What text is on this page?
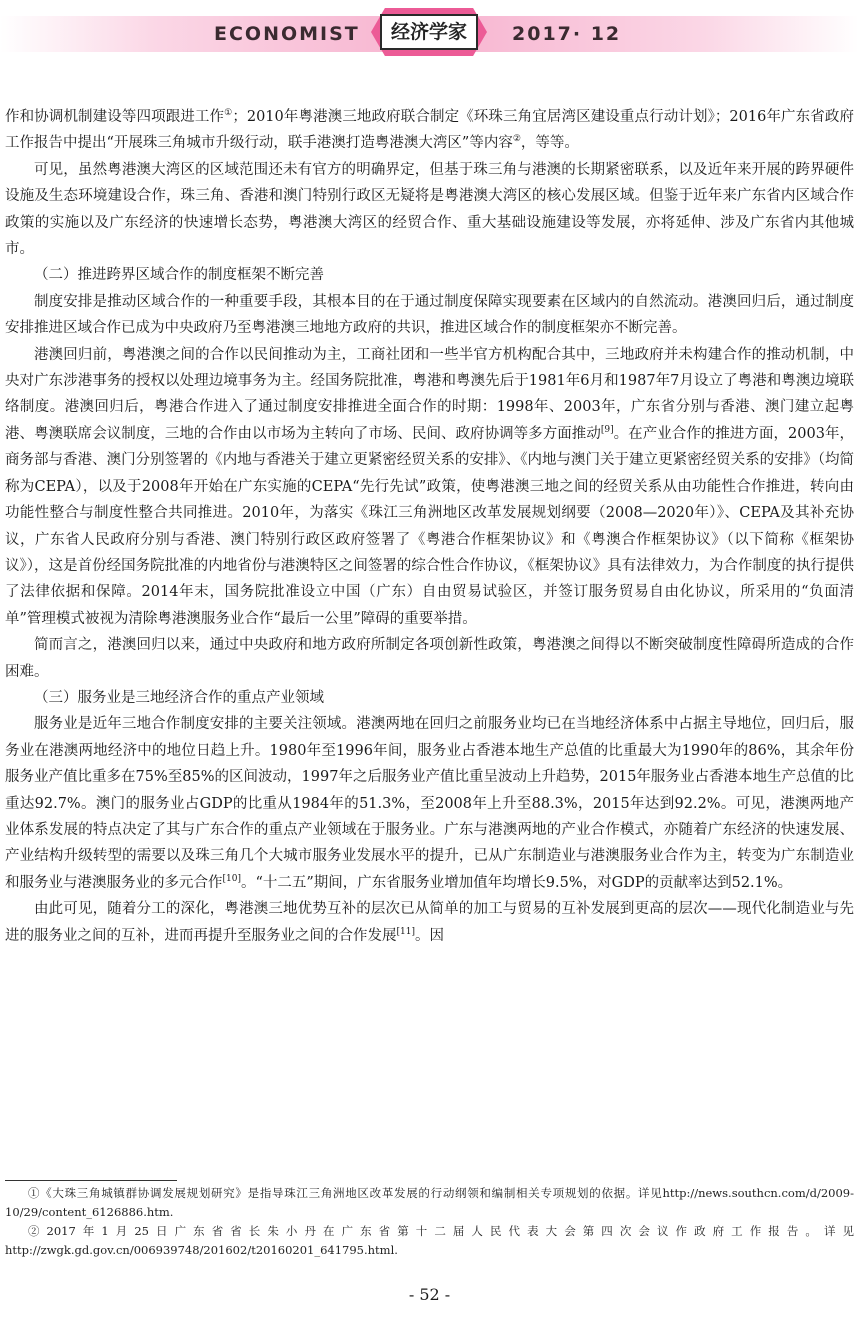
ECONOMIST	经济学家	2017· 12

作和协调机制建设等四项跟进工作①；2010年粤港澳三地政府联合制定《环珠三角宜居湾区建设重点行动计划》；2016年广东省政府工作报告中提出“开展珠三角城市升级行动，联手港澳打造粤港澳大湾区”等内容②，等等。

可见，虽然粤港澳大湾区的区域范围还未有官方的明确界定，但基于珠三角与港澳的长期紧密联系，以及近年来开展的跨界硬件设施及生态环境建设合作，珠三角、香港和澳门特别行政区无疑将是粤港澳大湾区的核心发展区域。但鉴于近年来广东省内区域合作政策的实施以及广东经济的快速增长态势，粤港澳大湾区的经贸合作、重大基础设施建设等发展，亦将延伸、涉及广东省内其他城市。

（二）推进跨界区域合作的制度框架不断完善

制度安排是推动区域合作的一种重要手段，其根本目的在于通过制度保障实现要素在区域内的自然流动。港澳回归后，通过制度安排推进区域合作已成为中央政府乃至粤港澳三地地方政府的共识，推进区域合作的制度框架亦不断完善。

港澳回归前，粤港澳之间的合作以民间推动为主，工商社团和一些半官方机构配合其中，三地政府并未构建合作的推动机制，中央对广东涉港事务的授权以处理边境事务为主。经国务院批准，粤港和粤澳先后于1981年6月和1987年7月设立了粤港和粤澳边境联络制度。港澳回归后，粤港合作进入了通过制度安排推进全面合作的时期：1998年、2003年，广东省分别与香港、澳门建立起粤港、粤澳联席会议制度，三地的合作由以市场为主转向了市场、民间、政府协调等多方面推动[9]。在产业合作的推进方面，2003年，商务部与香港、澳门分别签署的《内地与香港关于建立更紧密经贸关系的安排》、《内地与澳门关于建立更紧密经贸关系的安排》（均简称为CEPA），以及于2008年开始在广东实施的CEPA“先行先试”政策，使粤港澳三地之间的经贸关系从由功能性合作推进，转向由功能性整合与制度性整合共同推进。2010年，为落实《珠江三角洲地区改革发展规划纲要（2008—2020年）》、CEPA及其补充协议，广东省人民政府分别与香港、澳门特别行政区政府签署了《粤港合作框架协议》和《粤澳合作框架协议》（以下简称《框架协议》），这是首份经国务院批准的内地省份与港澳特区之间签署的综合性合作协议，《框架协议》具有法律效力，为合作制度的执行提供了法律依据和保障。2014年末，国务院批准设立中国（广东）自由贸易试验区，并签订服务贸易自由化协议，所采用的“负面清单”管理模式被视为清除粤港澳服务业合作“最后一公里”障碍的重要举措。

简而言之，港澳回归以来，通过中央政府和地方政府所制定各项创新性政策，粤港澳之间得以不断突破制度性障碍所造成的合作困难。

（三）服务业是三地经济合作的重点产业领域

服务业是近年三地合作制度安排的主要关注领域。港澳两地在回归之前服务业均已在当地经济体系中占据主导地位，回归后，服务业在港澳两地经济中的地位日趋上升。1980年至1996年间，服务业占香港本地生产总值的比重最大为1990年的86%，其余年份服务业产值比重多在75%至85%的区间波动，1997年之后服务业产值比重呈波动上升趋势，2015年服务业占香港本地生产总值的比重达92.7%。澳门的服务业占GDP的比重从1984年的51.3%，至2008年上升至88.3%，2015年达到92.2%。可见，港澳两地产业体系发展的特点决定了其与广东合作的重点产业领域在于服务业。广东与港澳两地的产业合作模式，亦随着广东经济的快速发展、产业结构升级转型的需要以及珠三角几个大城市服务业发展水平的提升，已从广东制造业与港澳服务业合作为主，转变为广东制造业和服务业与港澳服务业的多元合作[10]。“十二五”期间，广东省服务业增加值年均增长9.5%，对GDP的贡献率达到52.1%。

由此可见，随着分工的深化，粤港澳三地优势互补的层次已从简单的加工与贸易的互补发展到更高的层次——现代化制造业与先进的服务业之间的互补，进而再提升至服务业之间的合作发展[11]。因

①《大珠三角城镇群协调发展规划研究》是指导珠江三角洲地区改革发展的行动纲领和编制相关专项规划的依据。详见http://news.southcn.com/d/2009-10/29/content_6126886.htm.

②2017年1月25日广东省省长朱小丹在广东省第十二届人民代表大会第四次会议作政府工作报告。详见http://zwgk.gd.gov.cn/006939748/201602/t20160201_641795.html.

- 52 -
